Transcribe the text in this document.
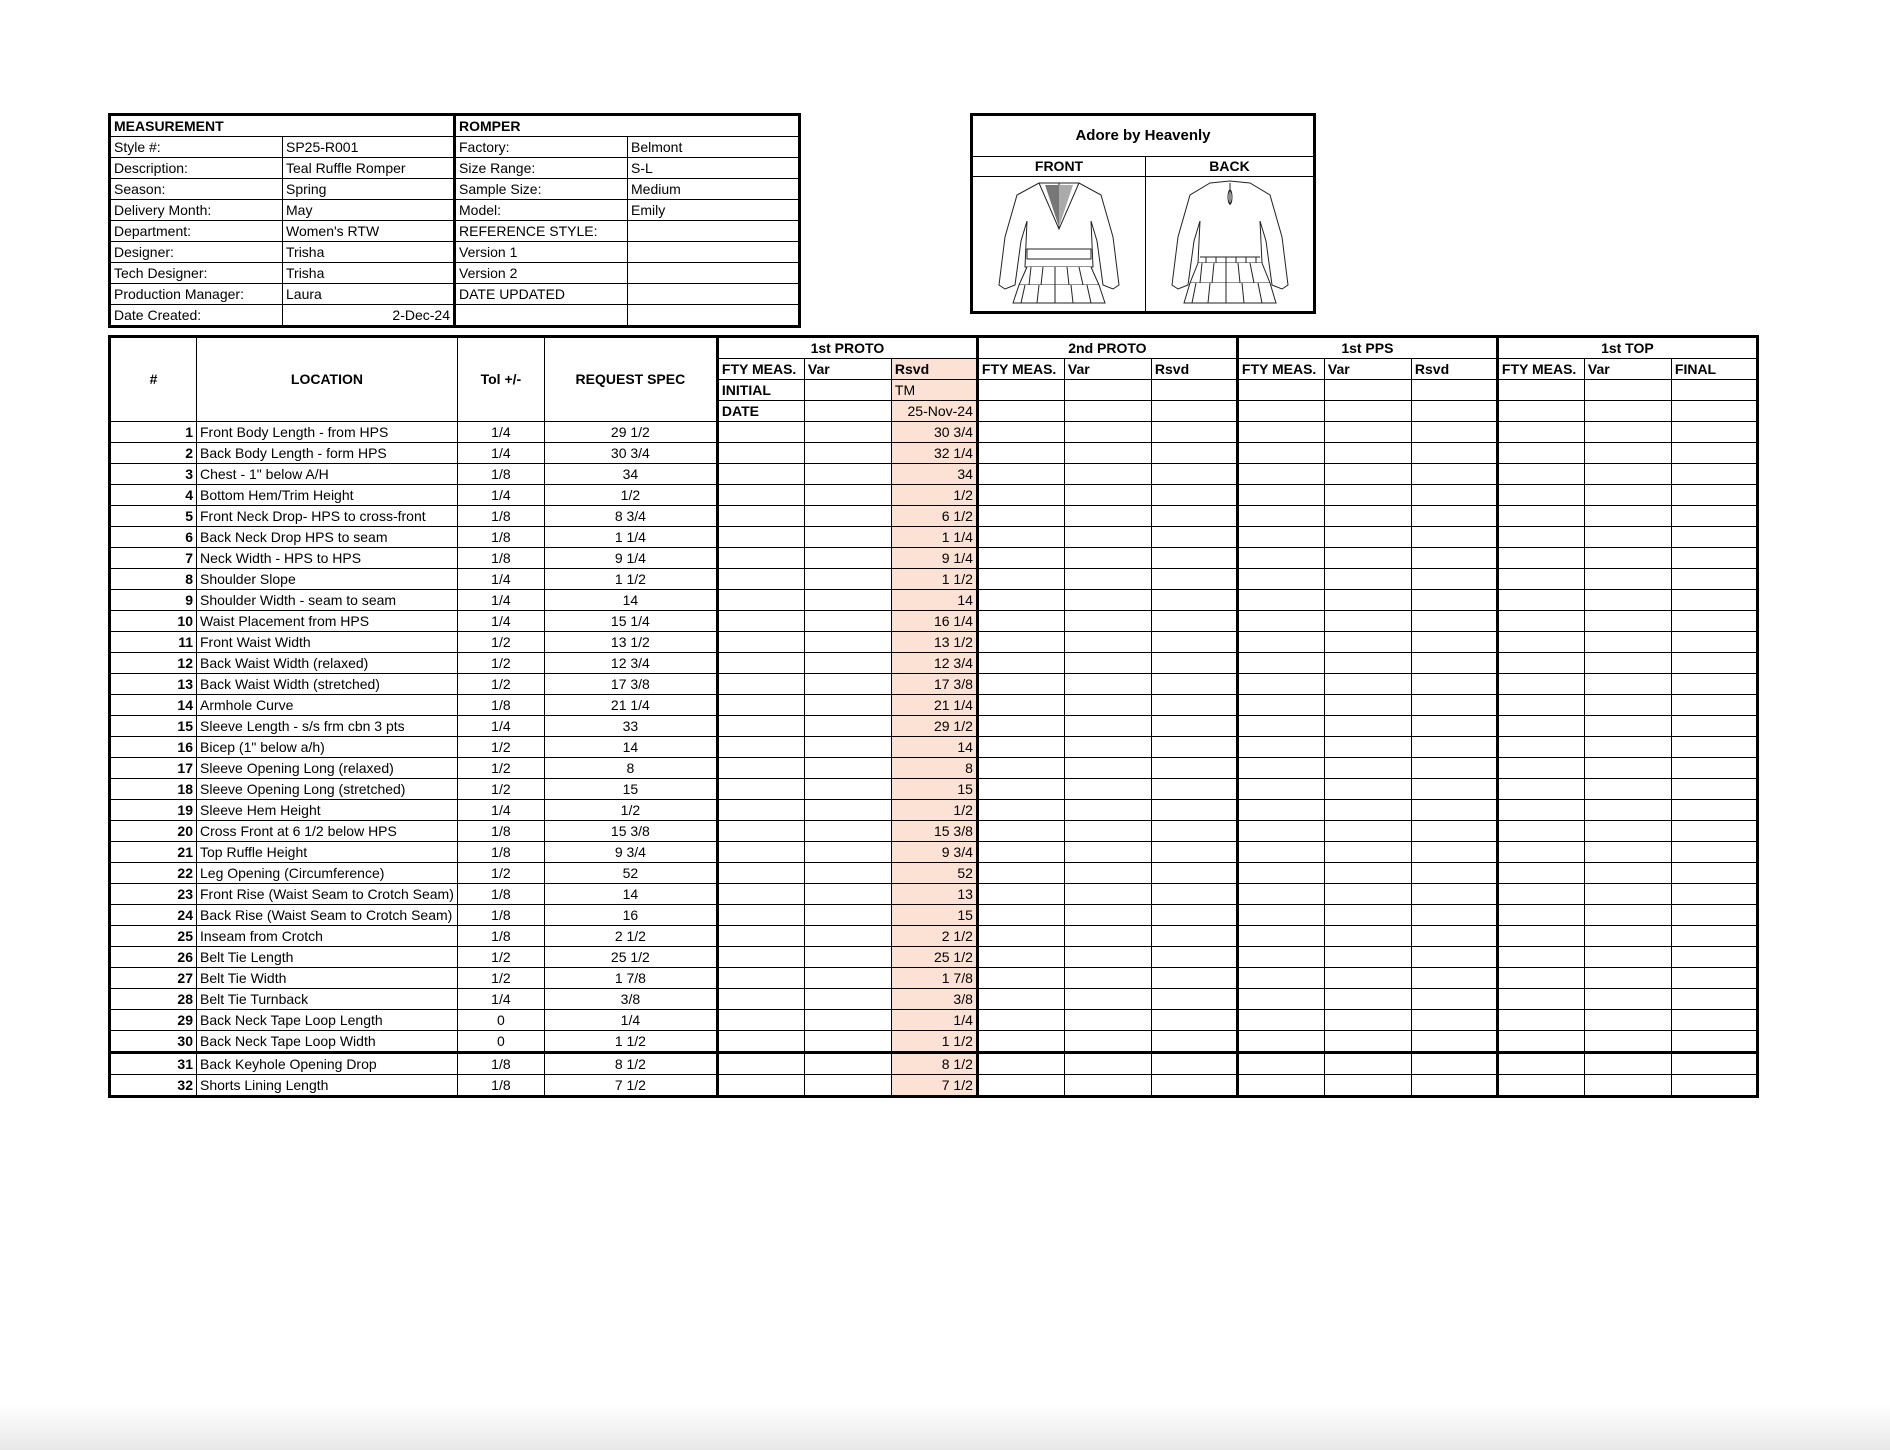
MEASUREMENT		ROMPER	
Style #:	SP25-R001	Factory:	Belmont
Description:	Teal Ruffle Romper	Size Range:	S-L
Season:	Spring	Sample Size:	Medium
Delivery Month:	May	Model:	Emily
Department:	Women's RTW	REFERENCE STYLE:	
Designer:	Trisha	Version 1	
Tech Designer:	Trisha	Version 2	
Production Manager:	Laura	DATE UPDATED	
Date Created:	2-Dec-24		
Adore by Heavenly
FRONT	BACK
#	LOCATION	Tol +/-	REQUEST SPEC	1st PROTO			2nd PROTO			1st PPS			1st TOP		
				FTY MEAS.	Var	Rsvd	FTY MEAS.	Var	Rsvd	FTY MEAS.	Var	Rsvd	FTY MEAS.	Var	FINAL
				INITIAL		TM									
				DATE		25-Nov-24									
1	Front Body Length - from HPS	1/4	29 1/2			30 3/4									
2	Back Body Length - form HPS	1/4	30 3/4			32 1/4									
3	Chest - 1" below A/H	1/8	34			34									
4	Bottom Hem/Trim Height	1/4	1/2			1/2									
5	Front Neck Drop- HPS to cross-front	1/8	8 3/4			6 1/2									
6	Back Neck Drop HPS to seam	1/8	1 1/4			1 1/4									
7	Neck Width - HPS to HPS	1/8	9 1/4			9 1/4									
8	Shoulder Slope	1/4	1 1/2			1 1/2									
9	Shoulder Width - seam to seam	1/4	14			14									
10	Waist Placement from HPS	1/4	15 1/4			16 1/4									
11	Front Waist Width	1/2	13 1/2			13 1/2									
12	Back Waist Width (relaxed)	1/2	12 3/4			12 3/4									
13	Back Waist Width (stretched)	1/2	17 3/8			17 3/8									
14	Armhole Curve	1/8	21 1/4			21 1/4									
15	Sleeve Length - s/s frm cbn 3 pts	1/4	33			29 1/2									
16	Bicep (1" below a/h)	1/2	14			14									
17	Sleeve Opening Long (relaxed)	1/2	8			8									
18	Sleeve Opening Long (stretched)	1/2	15			15									
19	Sleeve Hem Height	1/4	1/2			1/2									
20	Cross Front at 6 1/2 below HPS	1/8	15 3/8			15 3/8									
21	Top Ruffle Height	1/8	9 3/4			9 3/4									
22	Leg Opening (Circumference)	1/2	52			52									
23	Front Rise (Waist Seam to Crotch Seam)	1/8	14			13									
24	Back Rise (Waist Seam to Crotch Seam)	1/8	16			15									
25	Inseam from Crotch	1/8	2 1/2			2 1/2									
26	Belt Tie Length	1/2	25 1/2			25 1/2									
27	Belt Tie Width	1/2	1 7/8			1 7/8									
28	Belt Tie Turnback	1/4	3/8			3/8									
29	Back Neck Tape Loop Length	0	1/4			1/4									
30	Back Neck Tape Loop Width	0	1 1/2			1 1/2									
31	Back Keyhole Opening Drop	1/8	8 1/2			8 1/2									
32	Shorts Lining Length	1/8	7 1/2			7 1/2									
